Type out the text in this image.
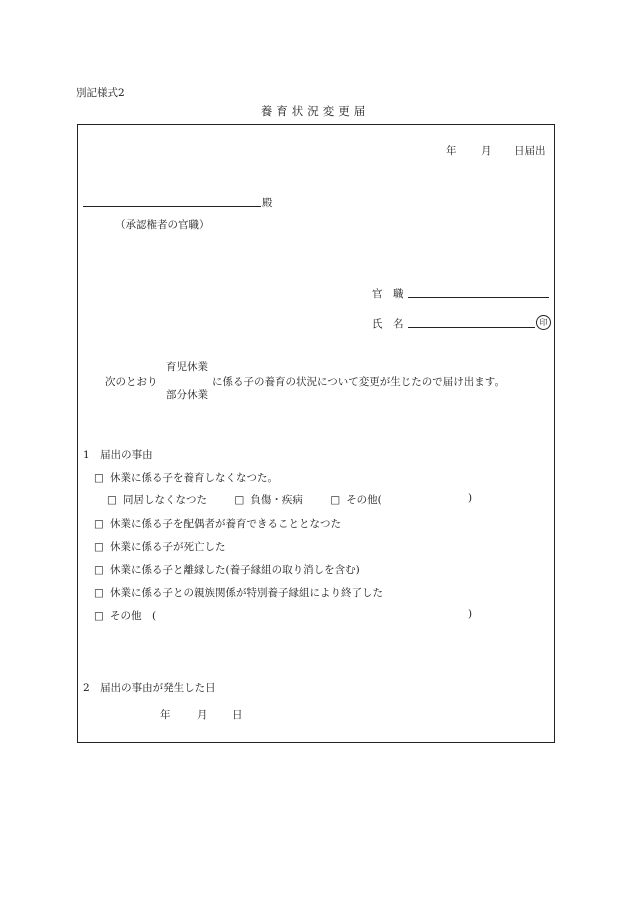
別記様式2
養育状況変更届
年 月 日届出
殿
（承認権者の官職）
官　職
氏　名	印
次のとおり
育児休業
部分休業
に係る子の養育の状況について変更が生じたので届け出ます。
1　届出の事由
□ 休業に係る子を養育しなくなつた。
□ 同居しなくなつた	□ 負傷・疾病	□ その他(	)
□ 休業に係る子を配偶者が養育できることとなつた
□ 休業に係る子が死亡した
□ 休業に係る子と離縁した(養子縁組の取り消しを含む)
□ 休業に係る子との親族関係が特別養子縁組により終了した
□ その他　(	)
2　届出の事由が発生した日
年	月 日
